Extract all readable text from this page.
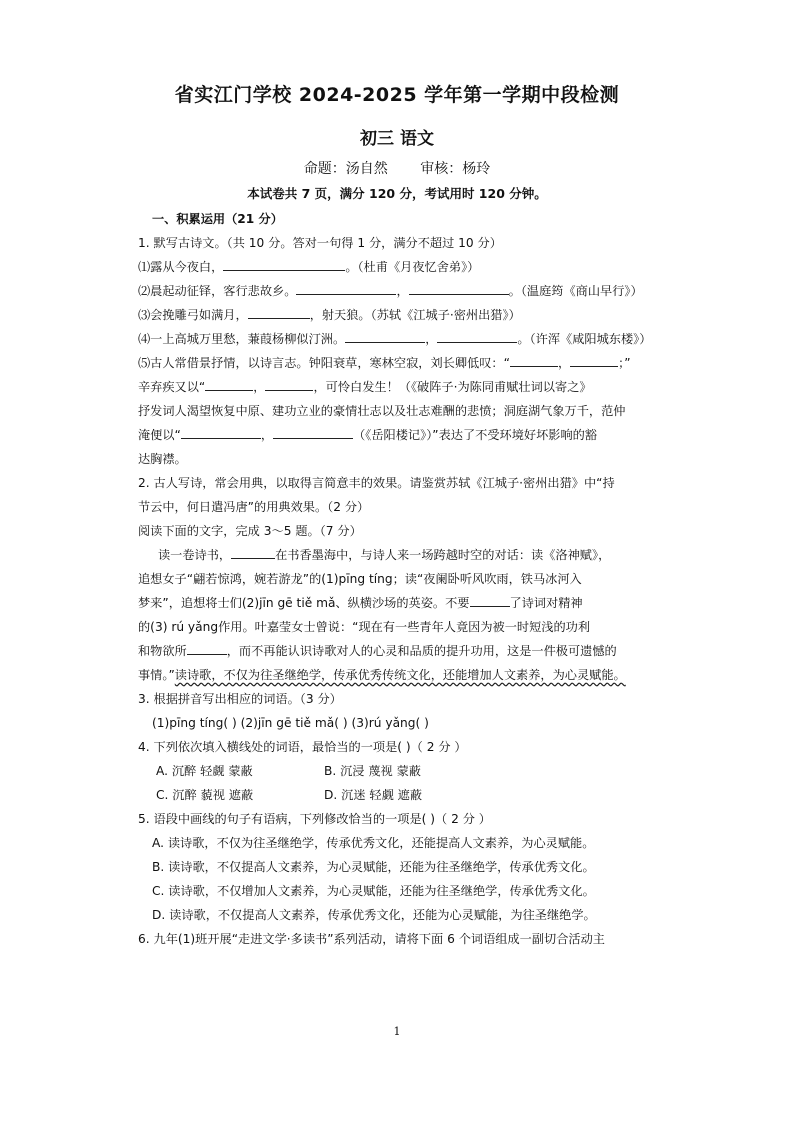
省实江门学校 2024-2025 学年第一学期中段检测
初三 语文
命题：汤自然 审核：杨玲
本试卷共 7 页，满分 120 分，考试用时 120 分钟。
一、积累运用（21 分）
1. 默写古诗文。（共 10 分。答对一句得 1 分，满分不超过 10 分）
⑴露从今夜白，	。（杜甫《月夜忆舍弟》）
⑵晨起动征铎，客行悲故乡。	，	。（温庭筠《商山早行》）
⑶会挽雕弓如满月，	，射天狼。（苏轼《江城子·密州出猎》）
⑷一上高城万里愁，蒹葭杨柳似汀洲。	，	。（许浑《咸阳城东楼》）
⑸古人常借景抒情，以诗言志。钟阳衰草，寒林空寂，刘长卿低叹：“	，	；”
辛弃疾又以“	，	，可怜白发生！（《破阵子·为陈同甫赋壮词以寄之》
抒发词人渴望恢复中原、建功立业的豪情壮志以及壮志难酬的悲愤；洞庭湖气象万千，范仲
淹便以“	，	（《岳阳楼记》）”表达了不受环境好坏影响的豁
达胸襟。
2. 古人写诗，常会用典，以取得言简意丰的效果。请鉴赏苏轼《江城子·密州出猎》中“持
节云中，何日遣冯唐”的用典效果。（2 分）
阅读下面的文字，完成 3～5 题。（7 分）
读一卷诗书，	在书香墨海中，与诗人来一场跨越时空的对话：读《洛神赋》，
追想女子“翩若惊鸿，婉若游龙”的(1)pīng tíng；读“夜阑卧听风吹雨，铁马冰河入
梦来”，追想将士们(2)jīn gē tiě mǎ、纵横沙场的英姿。不要	了诗词对精神
的(3) rú yǎng作用。叶嘉莹女士曾说：“现在有一些青年人竟因为被一时短浅的功利
和物欲所	，而不再能认识诗歌对人的心灵和品质的提升功用，这是一件极可遗憾的
事情。”读诗歌，不仅为往圣继绝学，传承优秀传统文化，还能增加人文素养，为心灵赋能。
3. 根据拼音写出相应的词语。（3 分）
(1)pīng tíng( ) (2)jīn gē tiě mǎ( ) (3)rú yǎng( )
4. 下列依次填入横线处的词语，最恰当的一项是( )（ 2 分 ）
A. 沉醉 轻觑 蒙蔽	B. 沉浸 蔑视 蒙蔽
C. 沉醉 藐视 遮蔽	D. 沉迷 轻觑 遮蔽
5. 语段中画线的句子有语病，下列修改恰当的一项是( )（ 2 分 ）
A. 读诗歌，不仅为往圣继绝学，传承优秀文化，还能提高人文素养，为心灵赋能。
B. 读诗歌，不仅提高人文素养，为心灵赋能，还能为往圣继绝学，传承优秀文化。
C. 读诗歌，不仅增加人文素养，为心灵赋能，还能为往圣继绝学，传承优秀文化。
D. 读诗歌，不仅提高人文素养，传承优秀文化，还能为心灵赋能，为往圣继绝学。
6. 九年(1)班开展“走进文学·多读书”系列活动，请将下面 6 个词语组成一副切合活动主
1
